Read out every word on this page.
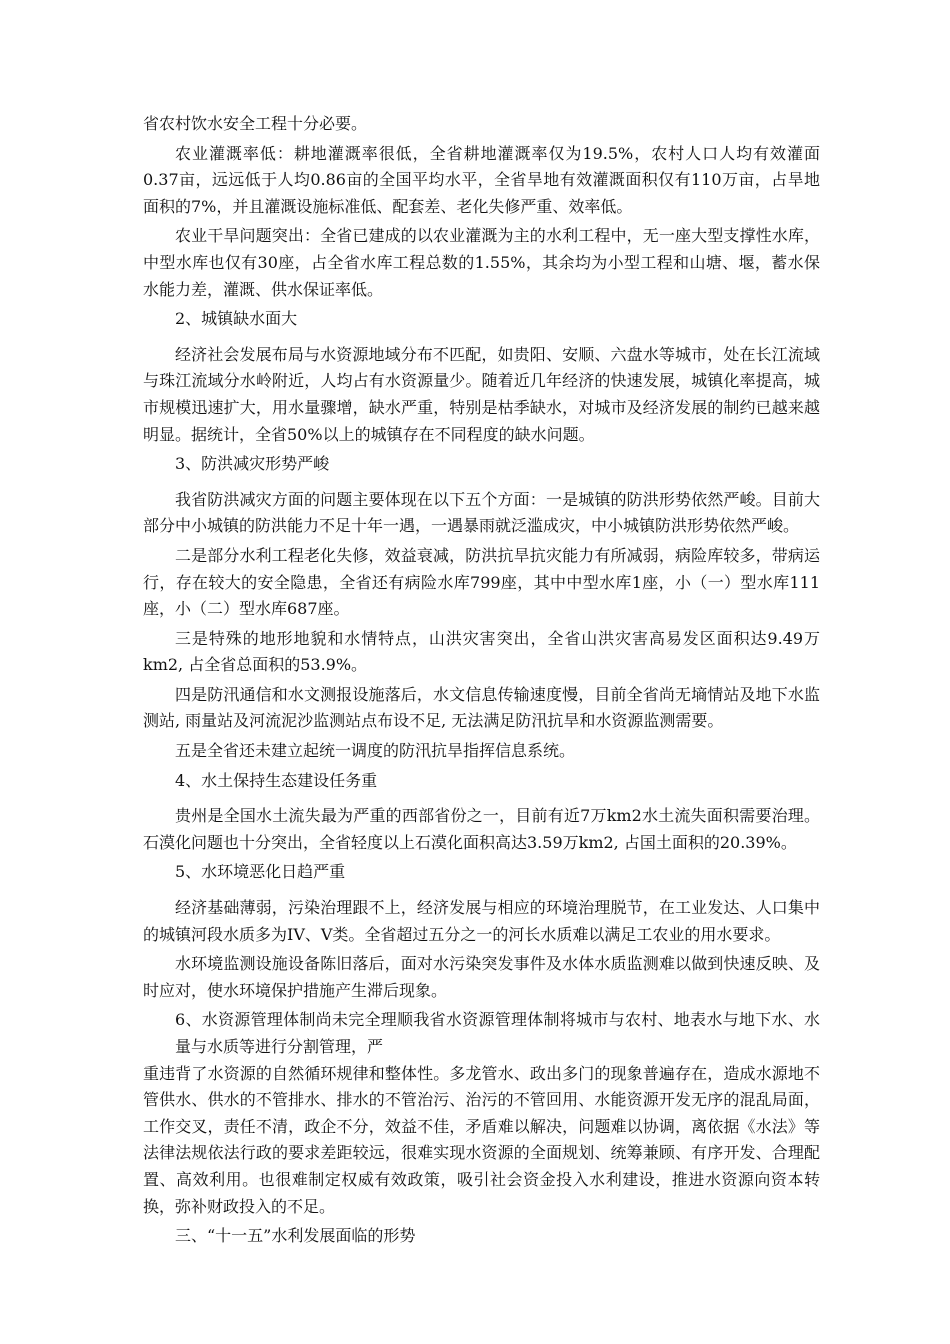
省农村饮水安全工程十分必要。

农业灌溉率低：耕地灌溉率很低，全省耕地灌溉率仅为19.5%，农村人口人均有效灌面0.37亩，远远低于人均0.86亩的全国平均水平，全省旱地有效灌溉面积仅有110万亩，占旱地面积的7%，并且灌溉设施标准低、配套差、老化失修严重、效率低。

农业干旱问题突出：全省已建成的以农业灌溉为主的水利工程中，无一座大型支撑性水库，中型水库也仅有30座，占全省水库工程总数的1.55%，其余均为小型工程和山塘、堰，蓄水保水能力差，灌溉、供水保证率低。

2、城镇缺水面大

经济社会发展布局与水资源地域分布不匹配，如贵阳、安顺、六盘水等城市，处在长江流域与珠江流域分水岭附近，人均占有水资源量少。随着近几年经济的快速发展，城镇化率提高，城市规模迅速扩大，用水量骤增，缺水严重，特别是枯季缺水，对城市及经济发展的制约已越来越明显。据统计，全省50%以上的城镇存在不同程度的缺水问题。

3、防洪减灾形势严峻

我省防洪减灾方面的问题主要体现在以下五个方面：一是城镇的防洪形势依然严峻。目前大部分中小城镇的防洪能力不足十年一遇，一遇暴雨就泛滥成灾，中小城镇防洪形势依然严峻。

二是部分水利工程老化失修，效益衰减，防洪抗旱抗灾能力有所减弱，病险库较多，带病运行，存在较大的安全隐患，全省还有病险水库799座，其中中型水库1座，小（一）型水库111座，小（二）型水库687座。

三是特殊的地形地貌和水情特点，山洪灾害突出，全省山洪灾害高易发区面积达9.49万km2, 占全省总面积的53.9%。

四是防汛通信和水文测报设施落后，水文信息传输速度慢，目前全省尚无墒情站及地下水监测站, 雨量站及河流泥沙监测站点布设不足, 无法满足防汛抗旱和水资源监测需要。

五是全省还未建立起统一调度的防汛抗旱指挥信息系统。

4、水土保持生态建设任务重

贵州是全国水土流失最为严重的西部省份之一，目前有近7万km2水土流失面积需要治理。石漠化问题也十分突出，全省轻度以上石漠化面积高达3.59万km2, 占国土面积的20.39%。

5、水环境恶化日趋严重

经济基础薄弱，污染治理跟不上，经济发展与相应的环境治理脱节，在工业发达、人口集中的城镇河段水质多为IV、V类。全省超过五分之一的河长水质难以满足工农业的用水要求。

水环境监测设施设备陈旧落后，面对水污染突发事件及水体水质监测难以做到快速反映、及时应对，使水环境保护措施产生滞后现象。

6、水资源管理体制尚未完全理顺我省水资源管理体制将城市与农村、地表水与地下水、水量与水质等进行分割管理，严

重违背了水资源的自然循环规律和整体性。多龙管水、政出多门的现象普遍存在，造成水源地不管供水、供水的不管排水、排水的不管治污、治污的不管回用、水能资源开发无序的混乱局面，工作交叉，责任不清，政企不分，效益不佳，矛盾难以解决，问题难以协调，离依据《水法》等法律法规依法行政的要求差距较远，很难实现水资源的全面规划、统筹兼顾、有序开发、合理配置、高效利用。也很难制定权威有效政策，吸引社会资金投入水利建设，推进水资源向资本转换，弥补财政投入的不足。

三、“十一五”水利发展面临的形势
